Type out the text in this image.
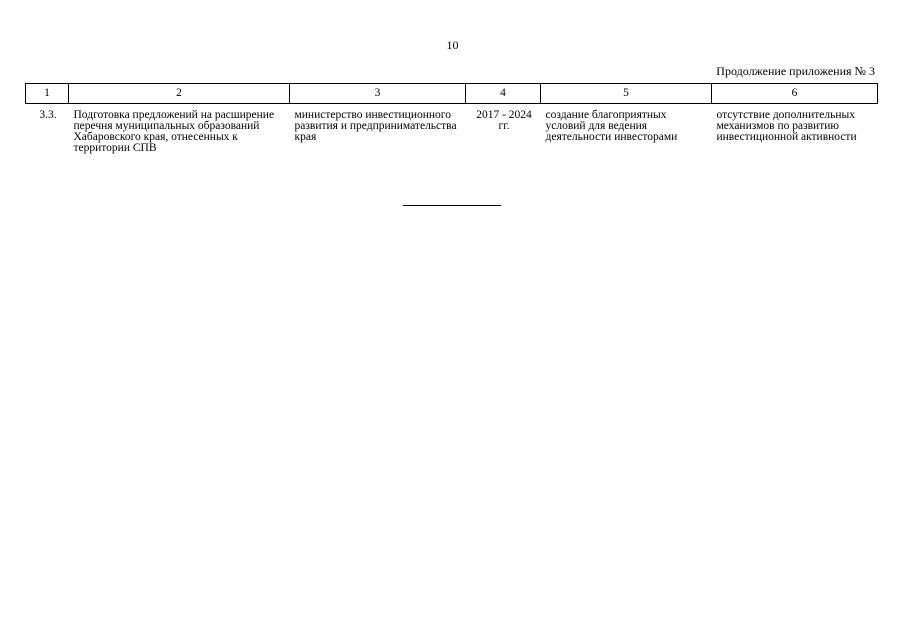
10
Продолжение приложения № 3
1	2	3	4	5	6
3.3.	Подготовка предложений на расширение перечня муниципальных образований Хабаровского края, отнесенных к территории СПВ	министерство инвестиционного развития и предпринимательства края	2017 - 2024 гг.	создание благоприятных условий для ведения деятельности инвесторами	отсутствие дополнительных механизмов по развитию инвестиционной активности
